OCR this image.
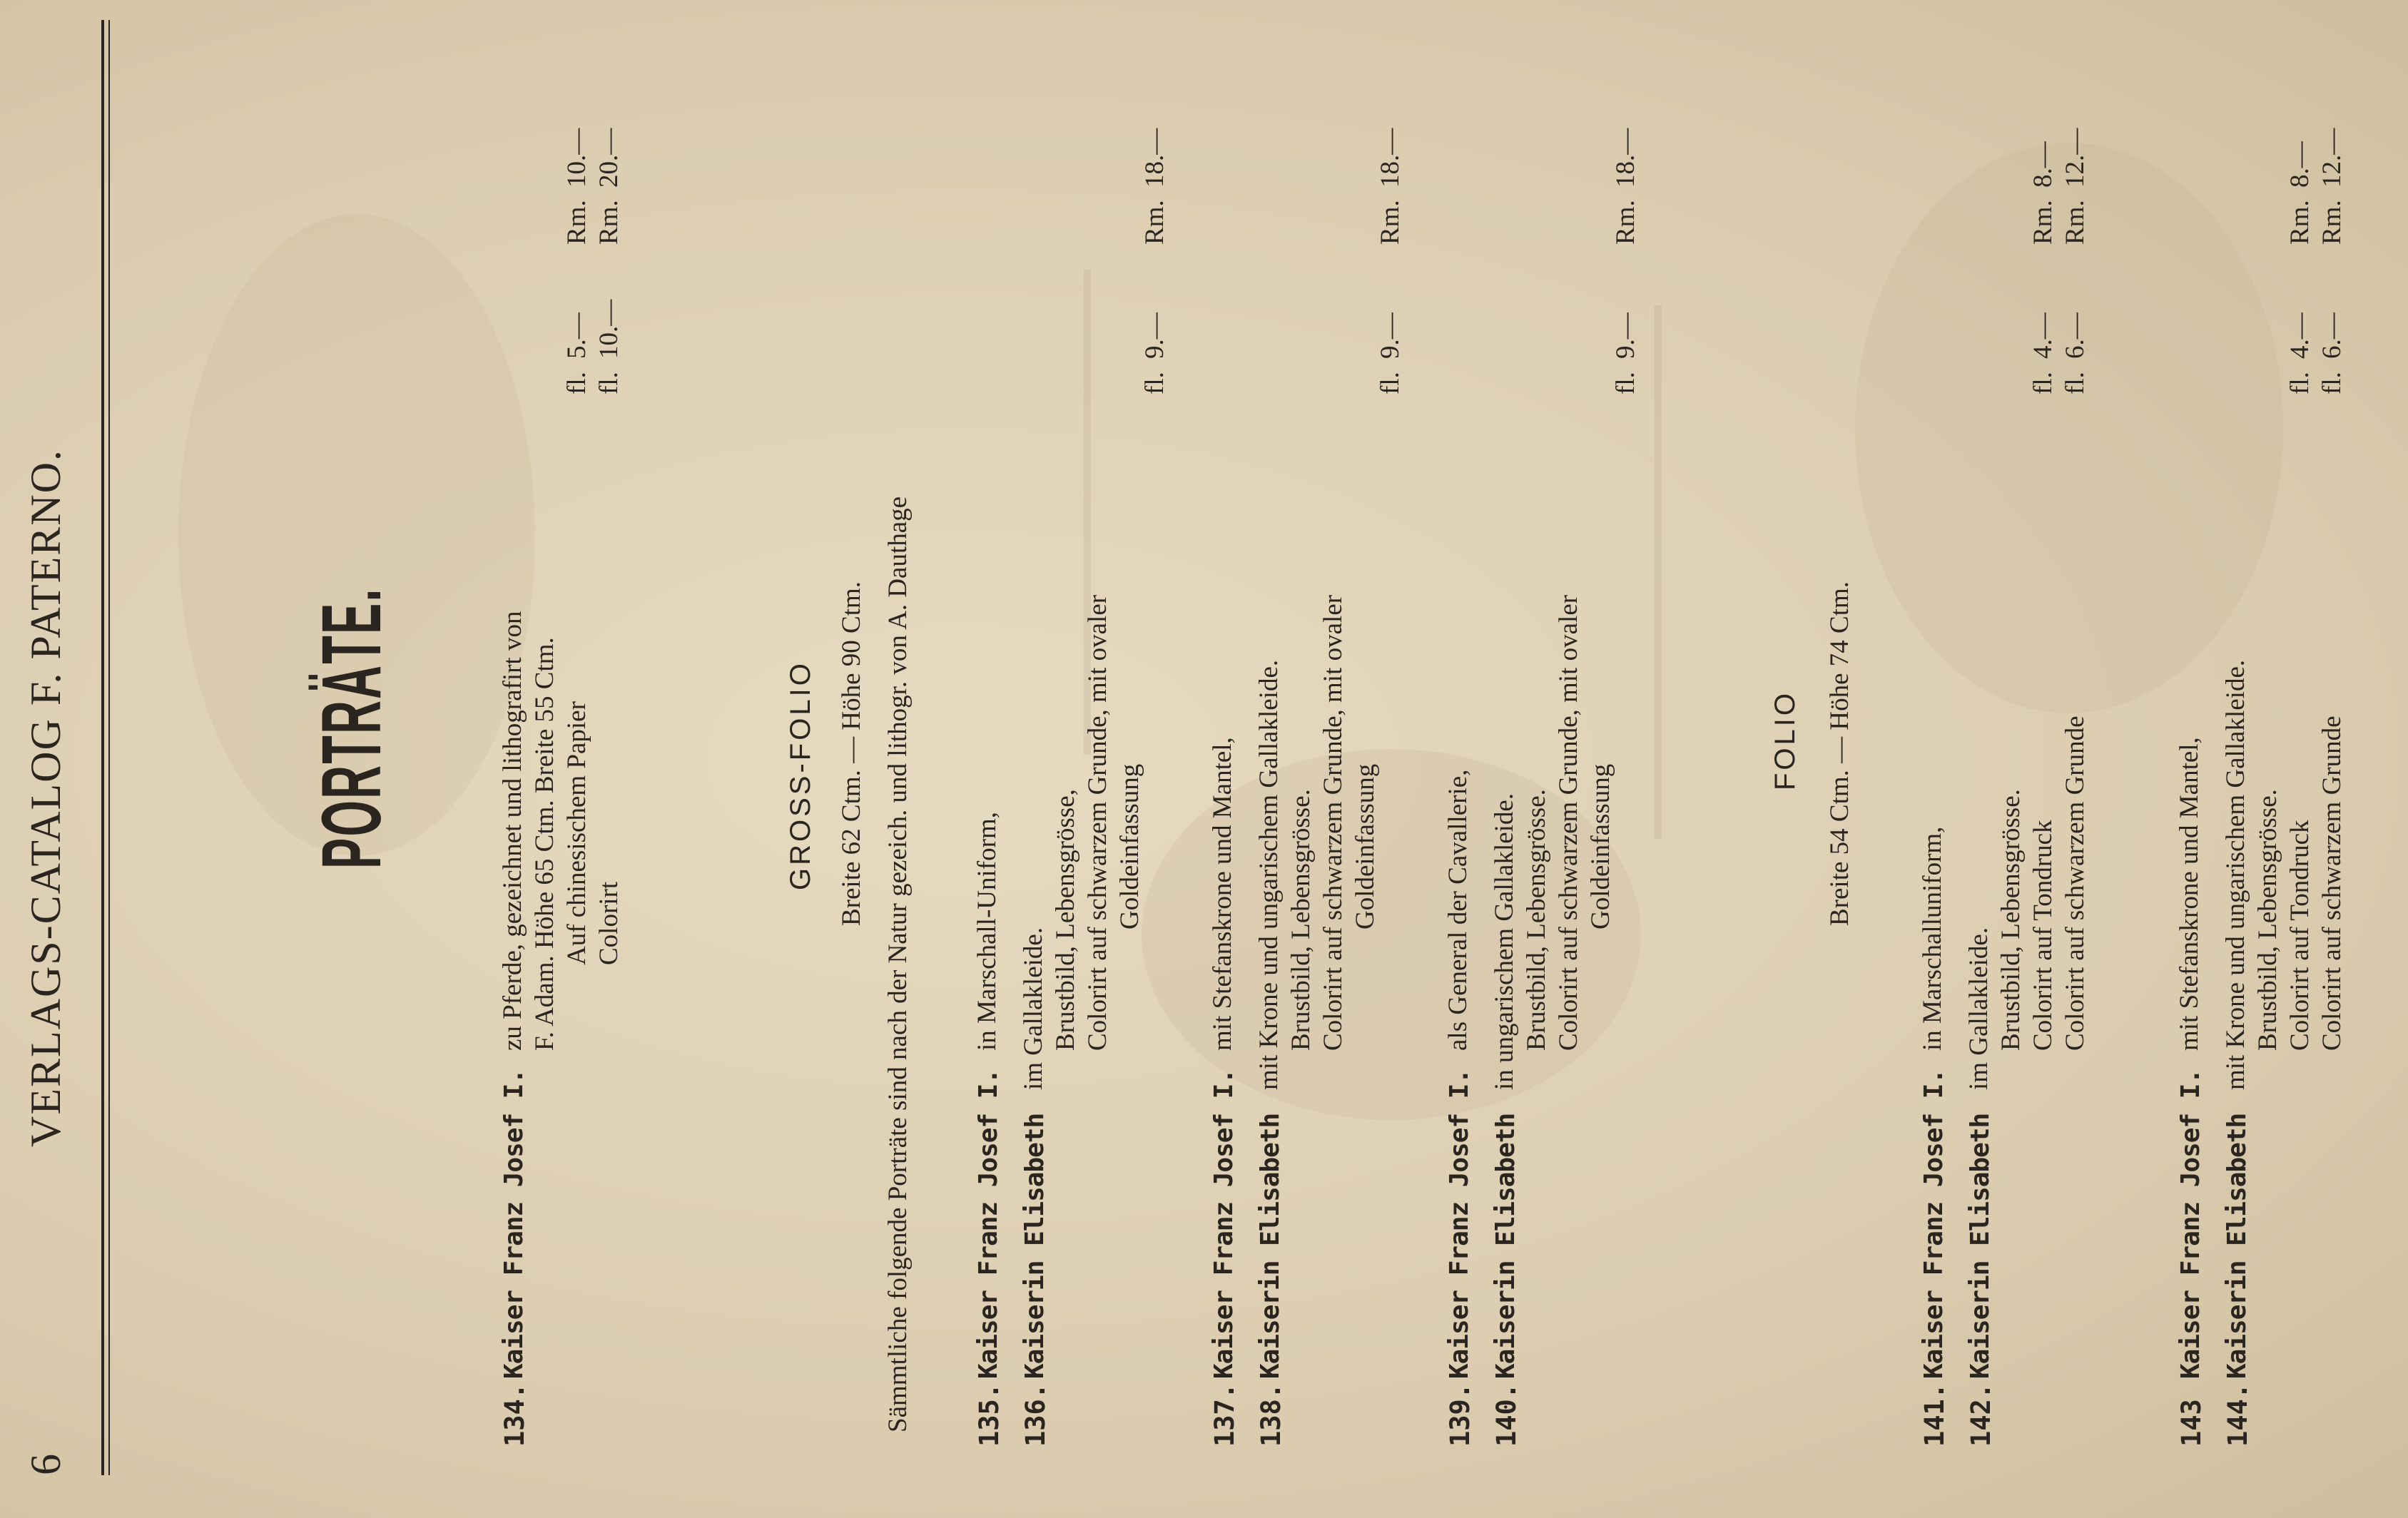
▬▬▬▬▬▬▬▬▬▬▬▬▬▬▬▬▬▬▬▬	▬▬▬▬▬▬▬▬▬▬▬▬▬▬▬▬▬▬▬▬▬▬
6
VERLAGS-CATALOG F. PATERNO.	PORTRÄTE.
134.
Kaiser Franz Josef I.
zu Pferde, gezeichnet und lithografirt von F. Adam. Höhe 65 Ctm. Breite 55 Ctm. Auf chinesischem Papier Colorirt
fl.
5.—
Rm.
10.—
fl.
10.—
Rm.
20.—
GROSS-FOLIO Breite 62 Ctm. — Höhe 90 Ctm. Sämmtliche folgende Porträte sind nach der Natur gezeich. und lithogr. von A. Dauthage 135.
Kaiser Franz Josef I.
in Marschall-Uniform,
136.
Kaiserin Elisabeth
im Gallakleide. Brustbild, Lebensgrösse, Colorirt auf schwarzem Grunde, mit ovaler Goldeinfassung
fl.
9.—
Rm.
18.—
137.
Kaiser Franz Josef I.
mit Stefanskrone und Mantel,
138.
Kaiserin Elisabeth
mit Krone und ungarischem Gallakleide. Brustbild, Lebensgrösse. Colorirt auf schwarzem Grunde, mit ovaler Goldeinfassung
fl.
9.—
Rm.
18.—
139.
Kaiser Franz Josef I.
als General der Cavallerie,
140.
Kaiserin Elisabeth
in ungarischem Gallakleide. Brustbild, Lebensgrösse. Colorirt auf schwarzem Grunde, mit ovaler Goldeinfassung
fl.
9.—
Rm.
18.—
FOLIO Breite 54 Ctm. — Höhe 74 Ctm.
141.
Kaiser Franz Josef I.
in Marschalluniform,
142.
Kaiserin Elisabeth
im Gallakleide. Brustbild, Lebensgrösse. Colorirt auf Tondruck Colorirt auf schwarzem Grunde
fl.
4.—
Rm.
8.—
fl.
6.—
Rm.
12.—
143
Kaiser Franz Josef I.
mit Stefanskrone und Mantel,
144.
Kaiserin Elisabeth
mit Krone und ungarischem Gallakleide. Brustbild, Lebensgrösse. Colorirt auf Tondruck Colorirt auf schwarzem Grunde
fl.
4.—
Rm.
8.—
fl.
6.—
Rm.
12.—
